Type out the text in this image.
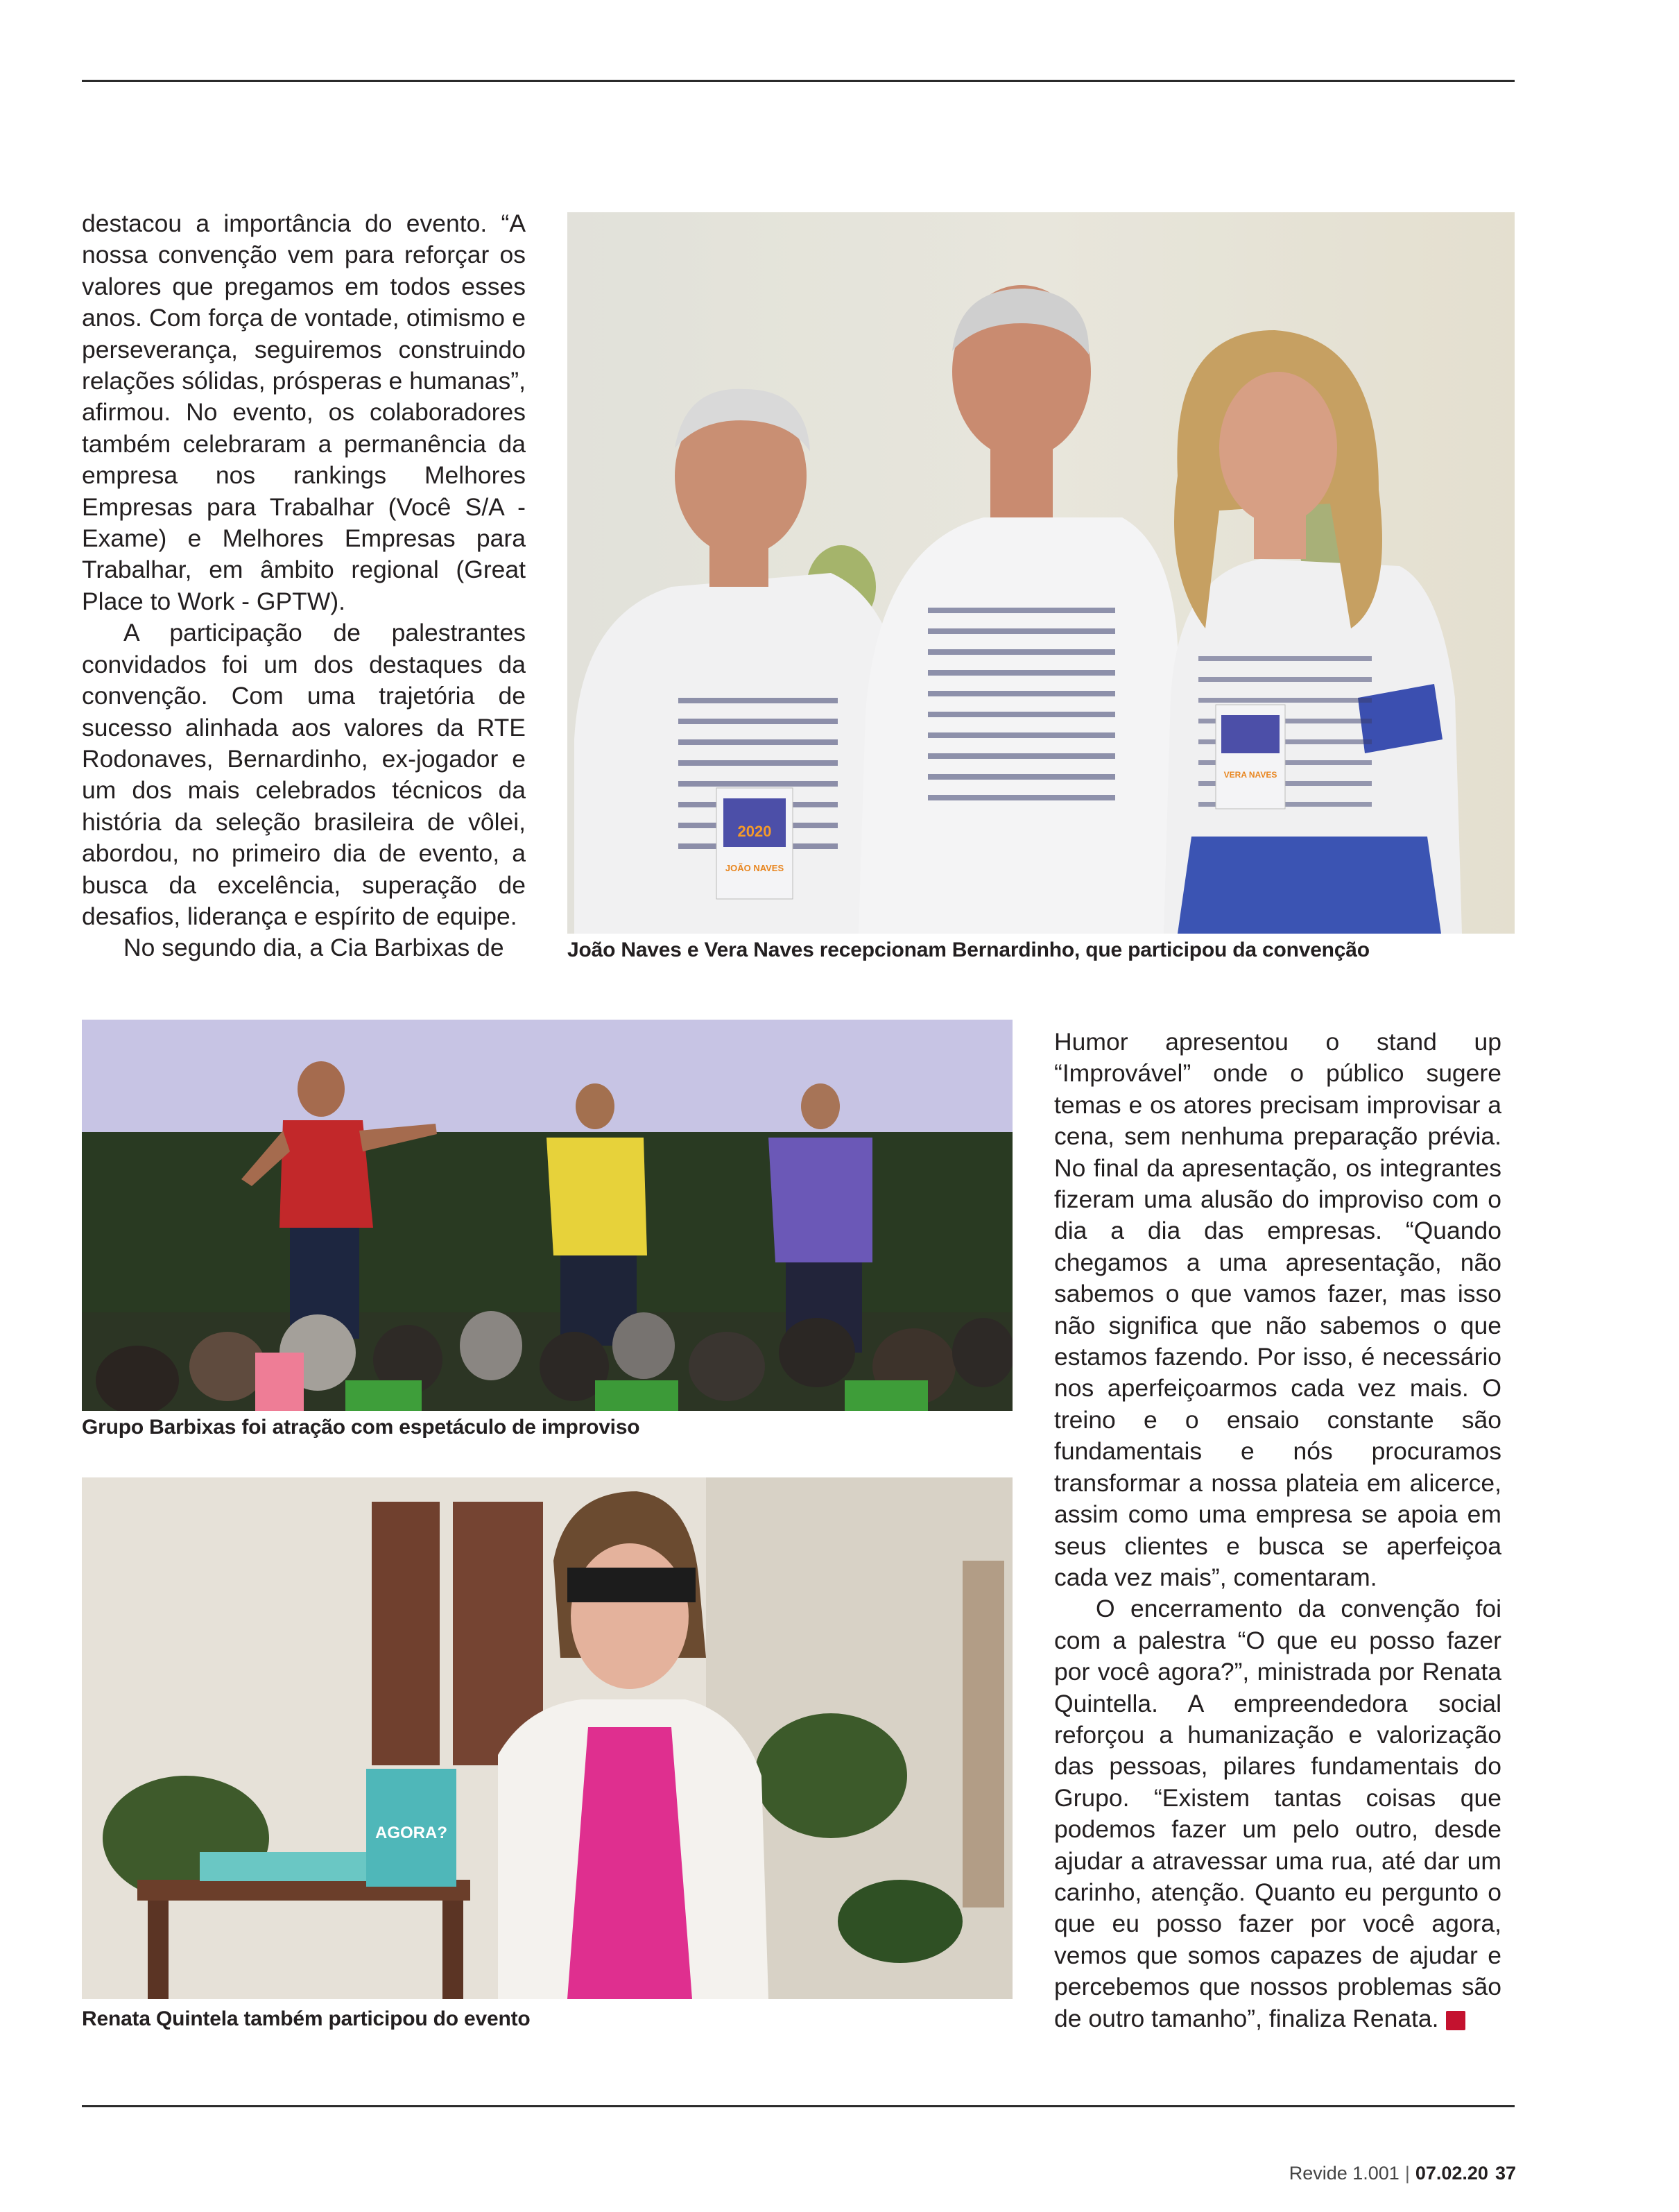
destacou a importância do evento. “A nossa convenção vem para reforçar os valores que pregamos em todos esses anos. Com força de vontade, otimismo e perseverança, seguiremos construindo relações sólidas, prósperas e humanas”, afirmou. No evento, os colaboradores também celebraram a permanência da empresa nos rankings Melhores Empresas para Trabalhar (Você S/A - Exame) e Melhores Empresas para Trabalhar, em âmbito regional (Great Place to Work - GPTW).

A participação de palestrantes convidados foi um dos destaques da convenção. Com uma trajetória de sucesso alinhada aos valores da RTE Rodonaves, Bernardinho, ex-jogador e um dos mais celebrados técnicos da história da seleção brasileira de vôlei, abordou, no primeiro dia de evento, a busca da excelência, superação de desafios, liderança e espírito de equipe.

No segundo dia, a Cia Barbixas de

2020
JOÃO NAVES
VERA NAVES
João Naves e Vera Naves recepcionam Bernardinho, que participou da convenção
Grupo Barbixas foi atração com espetáculo de improviso
AGORA?
Renata Quintela também participou do evento

Humor apresentou o stand up “Improvável” onde o público sugere temas e os atores precisam improvisar a cena, sem nenhuma preparação prévia. No final da apresentação, os integrantes fizeram uma alusão do improviso com o dia a dia das empresas. “Quando chegamos a uma apresentação, não sabemos o que vamos fazer, mas isso não significa que não sabemos o que estamos fazendo. Por isso, é necessário nos aperfeiçoarmos cada vez mais. O treino e o ensaio constante são fundamentais e nós procuramos transformar a nossa plateia em alicerce, assim como uma empresa se apoia em seus clientes e busca se aperfeiçoa cada vez mais”, comentaram.

O encerramento da convenção foi com a palestra “O que eu posso fazer por você agora?”, ministrada por Renata Quintella. A empreendedora social reforçou a humanização e valorização das pessoas, pilares fundamentais do Grupo. “Existem tantas coisas que podemos fazer um pelo outro, desde ajudar a atravessar uma rua, até dar um carinho, atenção. Quanto eu pergunto o que eu posso fazer por você agora, vemos que somos capazes de ajudar e percebemos que nossos problemas são de outro tamanho”, finaliza Renata.	R

Revide 1.001 | 07.02.20 37
